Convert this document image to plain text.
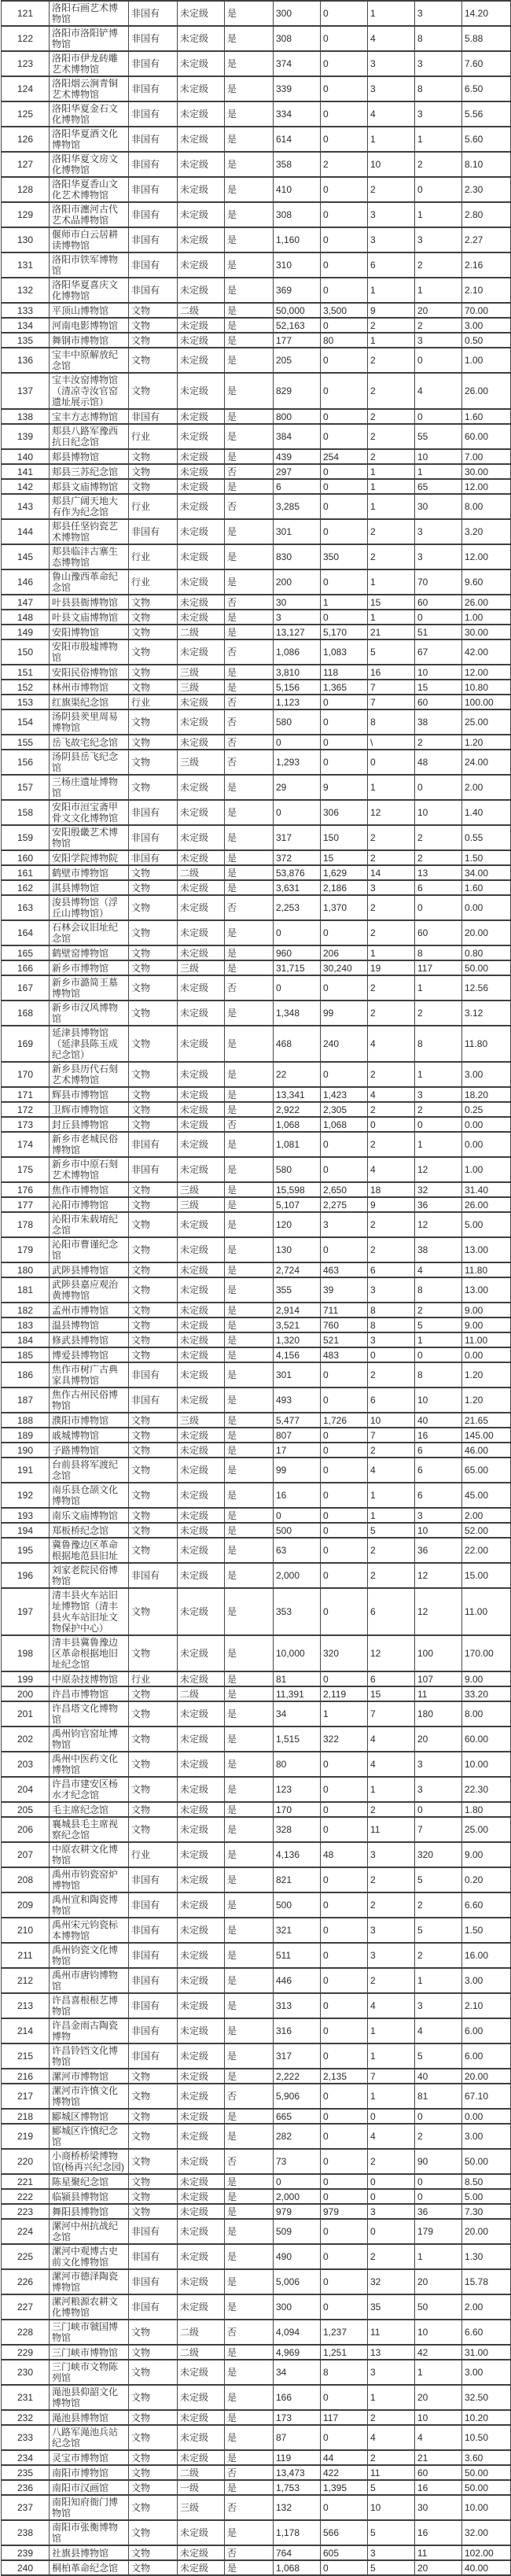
121	洛阳石画艺术博物馆	非国有	未定级	是	300	0	1	3	14.20
122	洛阳市洛阳铲博物馆	非国有	未定级	是	308	0	4	8	5.88
123	洛阳市伊龙砖雕艺术博物馆	非国有	未定级	是	374	0	3	3	7.60
124	洛阳烟云涧青铜艺术博物馆	非国有	未定级	是	339	0	3	8	6.50
125	洛阳华夏金石文化博物馆	非国有	未定级	是	334	0	4	3	5.56
126	洛阳华夏酒文化博物馆	非国有	未定级	是	614	0	1	1	5.60
127	洛阳华夏文房文化博物馆	非国有	未定级	是	358	2	10	2	8.10
128	洛阳华夏香山文化艺术博物馆	非国有	未定级	是	410	0	2	0	2.30
129	洛阳市瀍河古代艺术品博物馆	非国有	未定级	是	308	0	3	1	2.80
130	偃师市白云居耕读博物馆	非国有	未定级	是	1,160	0	3	3	2.27
131	洛阳市铁军博物馆	非国有	未定级	是	310	0	6	2	2.16
132	洛阳华夏喜庆文化博物馆	非国有	未定级	是	369	0	1	1	2.10
133	平顶山博物馆	文物	二级	是	50,000	3,500	9	20	70.00
134	河南电影博物馆	文物	未定级	是	52,163	0	2	2	3.00
135	舞钢市博物馆	文物	未定级	是	177	80	1	3	0.50
136	宝丰中原解放纪念馆	文物	未定级	是	205	0	2	0	1.00
137	宝丰汝窑博物馆（清凉寺汝官窑遗址展示馆）	文物	未定级	是	829	0	2	4	26.00
138	宝丰方志博物馆	非国有	未定级	是	800	0	2	0	1.60
139	郏县八路军豫西抗日纪念馆	行业	未定级	是	384	0	2	55	60.00
140	郏县博物馆	文物	未定级	是	439	254	2	10	7.00
141	郏县三苏纪念馆	文物	未定级	否	297	0	1	1	30.00
142	郏县文庙博物馆	文物	未定级	是	6	0	1	65	12.00
143	郏县广阔天地大有作为纪念馆	行业	未定级	否	3,285	0	1	30	8.00
144	郏县任坚钧瓷艺术博物馆	非国有	未定级	是	301	0	2	3	3.20
145	郏县临沣古寨生态博物馆	行业	未定级	是	830	350	2	3	12.00
146	鲁山豫西革命纪念馆	行业	未定级	是	200	0	1	70	9.60
147	叶县县衙博物馆	文物	未定级	否	30	1	15	60	26.00
148	叶县文庙博物馆	文物	未定级	是	3	0	1	0	1.00
149	安阳博物馆	文物	二级	是	13,127	5,170	21	51	30.00
150	安阳市殷墟博物馆	文物	未定级	否	1,086	1,083	5	67	42.00
151	安阳民俗博物馆	文物	三级	是	3,810	118	16	10	12.00
152	林州市博物馆	文物	三级	是	5,156	1,365	7	15	10.80
153	红旗渠纪念馆	行业	未定级	否	1,123	0	7	60	100.00
154	汤阴县羑里周易博物馆	文物	未定级	否	580	0	8	38	25.00
155	岳飞故宅纪念馆	文物	未定级	否	0	0	\	2	1.20
156	汤阴县岳飞纪念馆	文物	三级	否	1,293	0	0	48	24.00
157	三杨庄遗址博物馆	文物	未定级	是	29	9	1	0	2.00
158	安阳市洹宝斋甲骨文文化博物馆	非国有	未定级	是	0	306	12	10	1.40
159	安阳殷畿艺术博物馆	非国有	未定级	是	317	150	2	2	0.55
160	安阳学院博物院	非国有	未定级	是	372	15	2	2	1.50
161	鹤壁市博物馆	文物	二级	是	53,876	1,629	14	13	34.00
162	淇县博物馆	文物	未定级	是	3,631	2,186	3	6	1.60
163	浚县博物馆（浮丘山博物馆）	文物	未定级	否	2,253	1,370	2	0	0.00
164	石林会议旧址纪念馆	文物	未定级	是	0	0	2	60	20.00
165	鹤壁窑博物馆	文物	未定级	是	960	206	1	8	0.80
166	新乡市博物馆	文物	三级	是	31,715	30,240	19	117	50.00
167	新乡市潞简王墓博物馆	文物	未定级	否	0	0	2	1	12.56
168	新乡市汉风博物馆	文物	未定级	是	1,348	99	2	2	3.12
169	延津县博物馆（延津县陈玉成纪念馆）	文物	未定级	是	468	240	4	8	11.80
170	新乡县历代石刻艺术博物馆	文物	未定级	是	22	0	2	1	3.00
171	辉县市博物馆	文物	未定级	是	13,341	1,423	4	3	18.20
172	卫辉市博物馆	文物	未定级	是	2,922	2,305	2	2	0.25
173	封丘县博物馆	文物	未定级	否	1,068	1,068	0	0	0.00
174	新乡市老城民俗博物馆	非国有	未定级	是	1,081	0	2	1	0.00
175	新乡市中原石刻艺术博物馆	非国有	未定级	是	580	0	4	12	1.00
176	焦作市博物馆	文物	三级	是	15,598	2,650	18	32	31.40
177	沁阳市博物馆	文物	三级	是	5,107	2,275	9	36	26.00
178	沁阳市朱载堉纪念馆	文物	未定级	是	120	3	2	12	5.00
179	沁阳市曹谨纪念馆	文物	未定级	是	130	0	2	38	13.00
180	武陟县博物馆	文物	未定级	是	2,724	463	6	4	11.80
181	武陟县嘉应观治黄博物馆	文物	未定级	是	355	39	3	8	13.00
182	孟州市博物馆	文物	未定级	是	2,914	711	8	2	9.00
183	温县博物馆	文物	未定级	是	3,521	760	8	5	9.00
184	修武县博物馆	文物	未定级	是	1,320	521	3	1	11.00
185	博爱县博物馆	文物	未定级	是	4,156	483	0	0	0.00
186	焦作市树广古典家具博物馆	非国有	未定级	是	301	0	2	8	1.20
187	焦作古州民俗博物馆	非国有	未定级	是	493	0	6	10	1.20
188	濮阳市博物馆	文物	三级	是	5,477	1,726	10	40	21.65
189	戚城博物馆	文物	未定级	是	807	0	7	16	145.00
190	子路博物馆	文物	未定级	是	17	0	2	6	46.00
191	台前县将军渡纪念馆	文物	未定级	是	99	0	4	6	65.00
192	南乐县仓颉文化博物馆	文物	未定级	是	16	0	1	6	45.00
193	南乐文庙博物馆	文物	未定级	是	0	0	1	3	2.00
194	郑板桥纪念馆	文物	未定级	是	500	0	5	10	52.00
195	冀鲁豫边区革命根据地范县旧址	文物	未定级	是	63	0	2	36	22.00
196	刘家老院民俗博物馆	非国有	未定级	是	2,000	0	2	12	15.00
197	清丰县火车站旧址博物馆（清丰县火车站旧址文物保护中心）	文物	未定级	是	353	0	6	12	11.00
198	清丰县冀鲁豫边区革命根据地旧址纪念馆	文物	未定级	是	10,000	320	12	100	170.00
199	中原杂技博物馆	行业	未定级	是	81	0	6	107	9.00
200	许昌市博物馆	文物	二级	是	11,391	2,119	15	11	33.20
201	许昌塔文化博物馆	文物	未定级	是	34	1	7	180	8.00
202	禹州钧官窑址博物馆	文物	未定级	是	1,515	322	4	20	60.00
203	禹州中医药文化博物馆	文物	未定级	是	80	0	4	3	10.00
204	许昌市建安区杨水才纪念馆	文物	未定级	是	123	0	1	3	22.30
205	毛主席纪念馆	文物	未定级	是	170	0	2	0	1.80
206	襄城县毛主席视察纪念馆	文物	未定级	是	328	0	11	7	25.00
207	中原农耕文化博物馆	行业	未定级	是	4,136	48	3	320	9.00
208	禹州市钧瓷窑炉博物馆	非国有	未定级	是	821	0	2	5	0.20
209	禹州宣和陶瓷博物馆	非国有	未定级	是	500	0	2	2	6.60
210	禹州宋元钧瓷标本博物馆	非国有	未定级	是	321	0	3	5	1.50
211	禹州钧瓷文化博物馆	非国有	未定级	是	511	0	3	2	16.00
212	禹州市唐钧博物馆	非国有	未定级	是	446	0	2	1	3.00
213	许昌喜根根艺博物馆	非国有	未定级	是	313	0	4	3	2.10
214	许昌金雨古陶瓷博物	非国有	未定级	是	316	0	1	4	6.00
215	许昌铃铛文化博物馆	非国有	未定级	是	317	0	1	5	6.00
216	漯河市博物馆	文物	未定级	是	2,222	2,135	7	40	20.00
217	漯河市许慎文化博物馆	文物	未定级	否	5,906	0	1	81	67.10
218	郾城区博物馆	文物	未定级	是	665	0	0	0	0.00
219	郾城区许慎纪念馆	文物	未定级	是	282	0	4	2	3.00
220	小商桥桥梁博物馆(杨再兴纪念园)	文物	未定级	否	73	0	2	90	50.00
221	陈星聚纪念馆	文物	未定级	是	0	0	0	0	8.50
222	临颍县博物馆	文物	未定级	是	2,000	0	0	0	5.00
223	舞阳县博物馆	文物	未定级	是	979	979	3	36	7.30
224	漯河中州抗战纪念馆	非国有	未定级	是	509	0	0	179	20.00
225	漯河中观博古史前文化博物馆	非国有	未定级	是	490	0	2	1	1.30
226	漯河市德泽陶瓷博物馆	非国有	未定级	是	5,006	0	32	20	15.78
227	漯河粮源农耕文化博物馆	非国有	未定级	是	300	0	35	50	2.00
228	三门峡市虢国博物馆	文物	二级	否	4,094	1,237	11	10	6.60
229	三门峡市博物馆	文物	二级	是	4,969	1,251	13	42	31.00
230	三门峡市文物陈列馆	文物	未定级	是	34	8	3	1	3.00
231	渑池县仰韶文化博物馆	文物	未定级	是	166	0	1	20	32.50
232	渑池县博物馆	文物	未定级	是	173	117	2	10	10.20
233	八路军渑池兵站纪念馆	文物	未定级	是	87	0	4	4	10.50
234	灵宝市博物馆	文物	未定级	是	119	44	2	21	3.60
235	南阳市博物馆	文物	二级	否	13,473	422	11	60	50.00
236	南阳市汉画馆	文物	一级	是	1,753	1,395	5	16	50.00
237	南阳知府衙门博物馆	文物	三级	否	132	0	10	30	10.00
238	南阳市张衡博物馆	文物	未定级	是	1,178	566	5	16	32.00
239	社旗县博物馆	文物	未定级	否	764	605	3	11	102.00
240	桐柏革命纪念馆	文物	未定级	是	1,068	0	5	20	40.00
